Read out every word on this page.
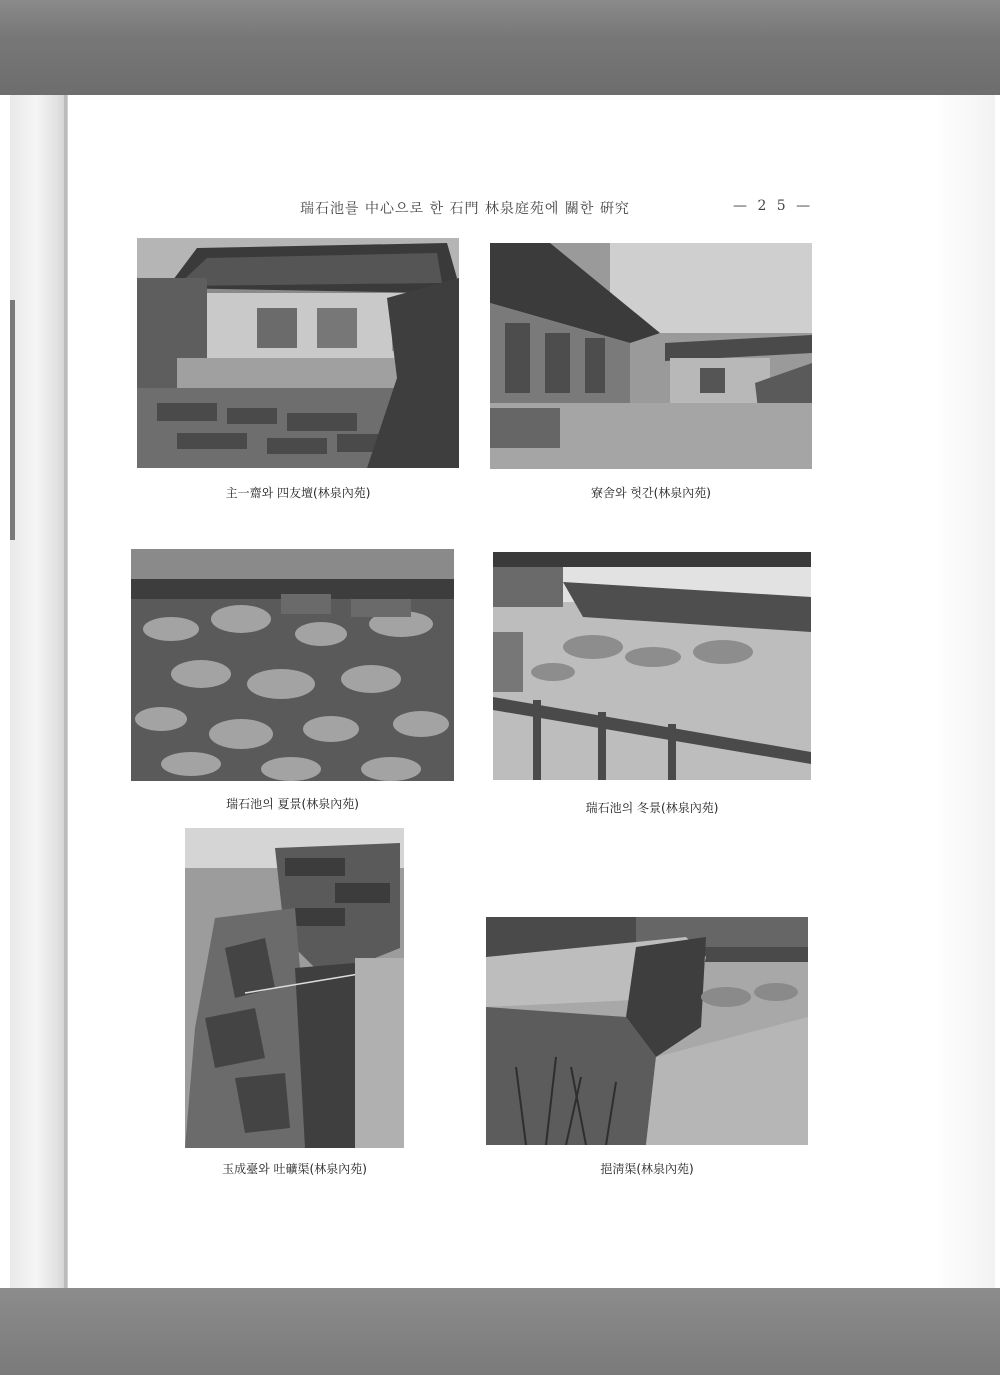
瑞石池를 中心으로 한 石門 林泉庭苑에 關한 硏究	— 2 5 —
主一齋와 四友壇(林泉內苑)	寮舍와 헛간(林泉內苑)
瑞石池의 夏景(林泉內苑)	瑞石池의 冬景(林泉內苑)
玉成臺와 吐礦渠(林泉內苑)	挹淸渠(林泉內苑)
